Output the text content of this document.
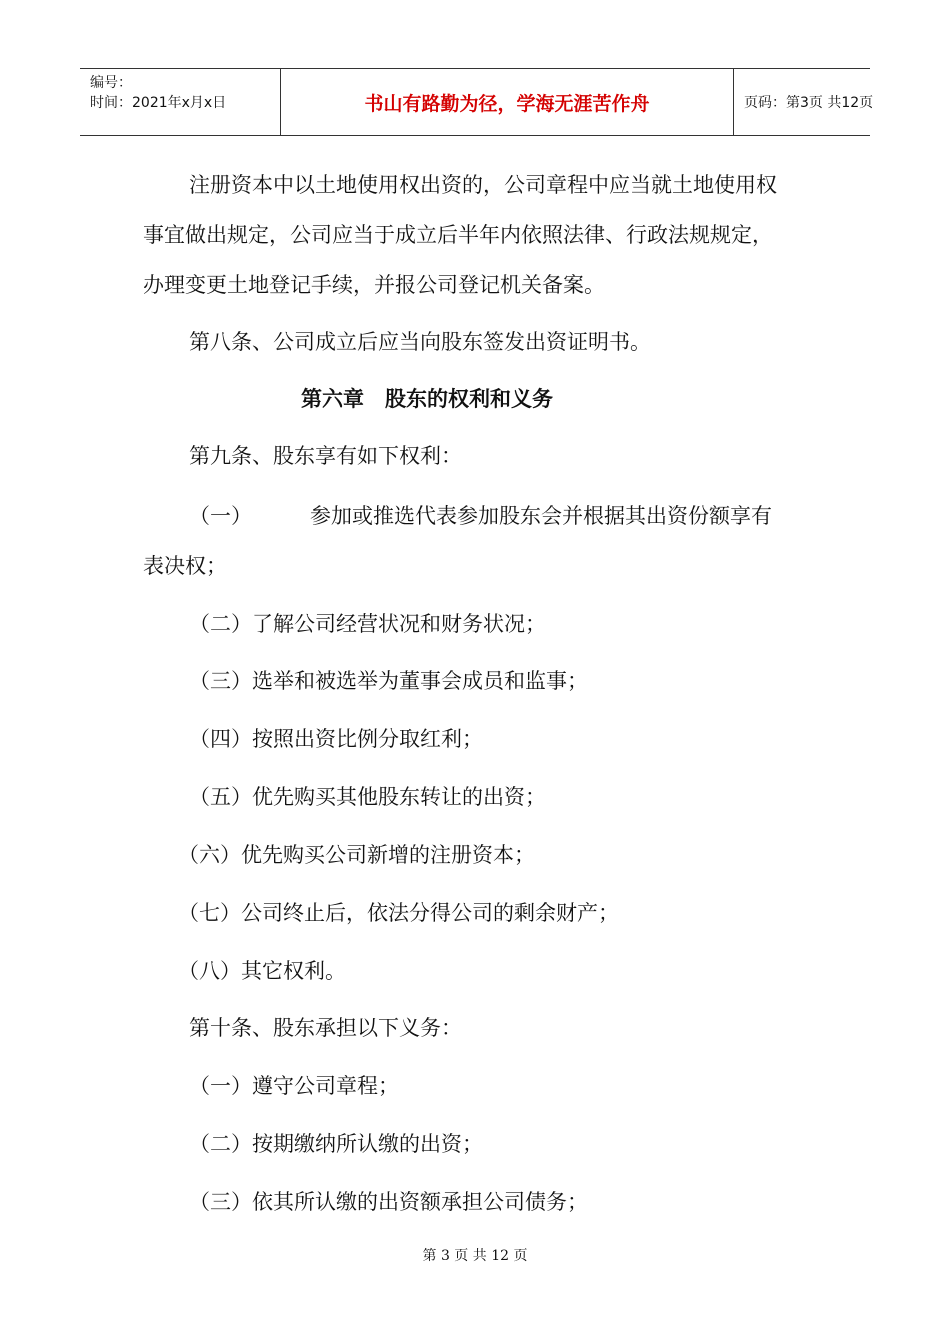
编号：
时间：2021年x月x日	书山有路勤为径，学海无涯苦作舟	页码：第3页 共12页
注册资本中以土地使用权出资的，公司章程中应当就土地使用权
事宜做出规定，公司应当于成立后半年内依照法律、行政法规规定，
办理变更土地登记手续，并报公司登记机关备案。
第八条、公司成立后应当向股东签发出资证明书。
第六章　股东的权利和义务
第九条、股东享有如下权利：
（一）	参加或推选代表参加股东会并根据其出资份额享有
表决权；
（二）了解公司经营状况和财务状况；
（三）选举和被选举为董事会成员和监事；
（四）按照出资比例分取红利；
（五）优先购买其他股东转让的出资；
（六）优先购买公司新增的注册资本；
（七）公司终止后，依法分得公司的剩余财产；
（八）其它权利。
第十条、股东承担以下义务：
（一）遵守公司章程；
（二）按期缴纳所认缴的出资；
（三）依其所认缴的出资额承担公司债务；
第 3 页 共 12 页
